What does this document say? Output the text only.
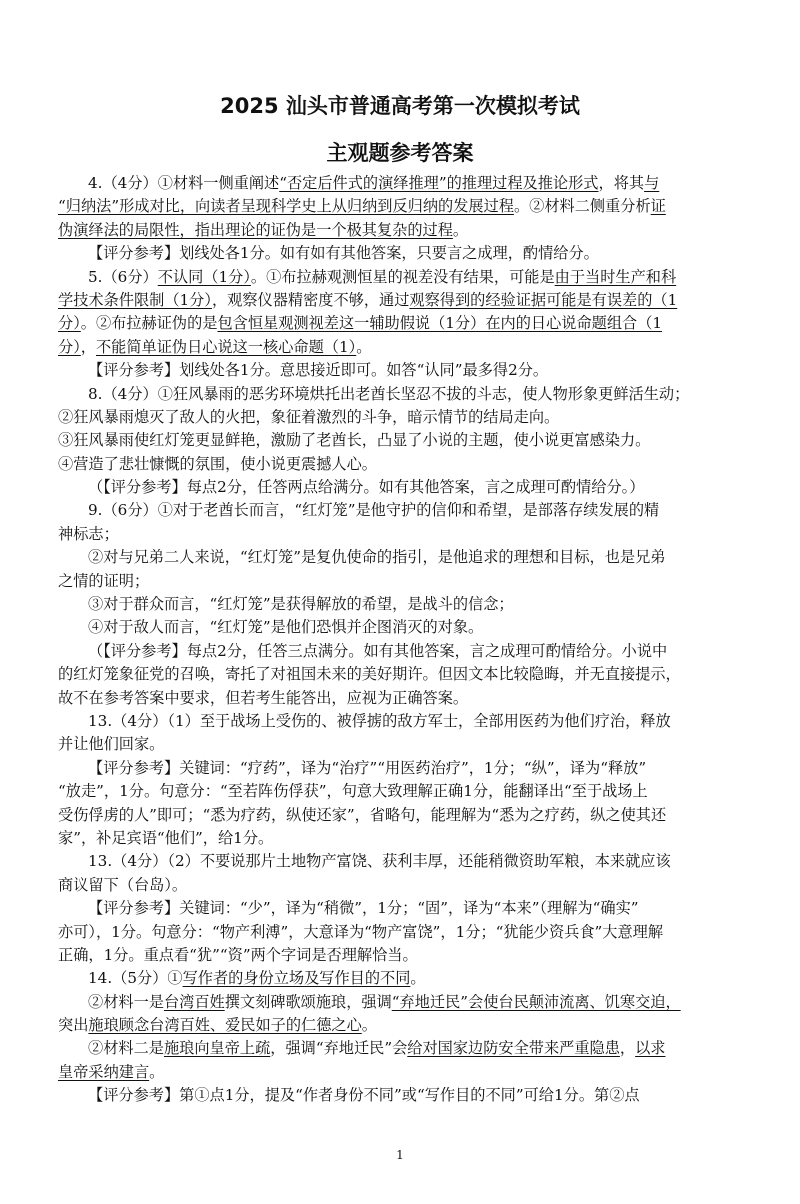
2025 汕头市普通高考第一次模拟考试
主观题参考答案
4.（4分）①材料一侧重阐述“否定后件式的演绎推理”的推理过程及推论形式，将其与
“归纳法”形成对比，向读者呈现科学史上从归纳到反归纳的发展过程。②材料二侧重分析证
伪演绎法的局限性，指出理论的证伪是一个极其复杂的过程。
【评分参考】划线处各1分。如有如有其他答案，只要言之成理，酌情给分。
5.（6分）不认同（1分）。①布拉赫观测恒星的视差没有结果，可能是由于当时生产和科
学技术条件限制（1分），观察仪器精密度不够，通过观察得到的经验证据可能是有误差的（1
分）。②布拉赫证伪的是包含恒星观测视差这一辅助假说（1分）在内的日心说命题组合（1
分），不能简单证伪日心说这一核心命题（1）。
【评分参考】划线处各1分。意思接近即可。如答“认同”最多得2分。
8.（4分）①狂风暴雨的恶劣环境烘托出老酋长坚忍不拔的斗志，使人物形象更鲜活生动；
②狂风暴雨熄灭了敌人的火把，象征着激烈的斗争，暗示情节的结局走向。
③狂风暴雨使红灯笼更显鲜艳，激励了老酋长，凸显了小说的主题，使小说更富感染力。
④营造了悲壮慷慨的氛围，使小说更震撼人心。
（【评分参考】每点2分，任答两点给满分。如有其他答案，言之成理可酌情给分。）
9.（6分）①对于老酋长而言，“红灯笼”是他守护的信仰和希望，是部落存续发展的精
神标志；
②对与兄弟二人来说，“红灯笼”是复仇使命的指引，是他追求的理想和目标，也是兄弟
之情的证明；
③对于群众而言，“红灯笼”是获得解放的希望，是战斗的信念；
④对于敌人而言，“红灯笼”是他们恐惧并企图消灭的对象。
（【评分参考】每点2分，任答三点满分。如有其他答案，言之成理可酌情给分。小说中
的红灯笼象征党的召唤，寄托了对祖国未来的美好期许。但因文本比较隐晦，并无直接提示，
故不在参考答案中要求，但若考生能答出，应视为正确答案。
13.（4分）（1）至于战场上受伤的、被俘掳的敌方军士，全部用医药为他们疗治，释放
并让他们回家。
【评分参考】关键词：“疗药”，译为“治疗”“用医药治疗”，1分；“纵”，译为“释放”
“放走”，1分。句意分：“至若阵伤俘获”，句意大致理解正确1分，能翻译出“至于战场上
受伤俘虏的人”即可；“悉为疗药，纵使还家”，省略句，能理解为“悉为之疗药，纵之使其还
家”，补足宾语“他们”，给1分。
13.（4分）（2）不要说那片土地物产富饶、获利丰厚，还能稍微资助军粮，本来就应该
商议留下（台岛）。
【评分参考】关键词：“少”，译为“稍微”，1分；“固”，译为“本来”（理解为“确实”
亦可），1分。句意分：“物产利溥”，大意译为“物产富饶”，1分；“犹能少资兵食”大意理解
正确，1分。重点看“犹”“资”两个字词是否理解恰当。
14.（5分）①写作者的身份立场及写作目的不同。
②材料一是台湾百姓撰文刻碑歌颂施琅，强调“弃地迁民”会使台民颠沛流离、饥寒交迫，
突出施琅顾念台湾百姓、爱民如子的仁德之心。
②材料二是施琅向皇帝上疏，强调“弃地迁民”会给对国家边防安全带来严重隐患，以求
皇帝采纳建言。
【评分参考】第①点1分，提及“作者身份不同”或“写作目的不同”可给1分。第②点
1
